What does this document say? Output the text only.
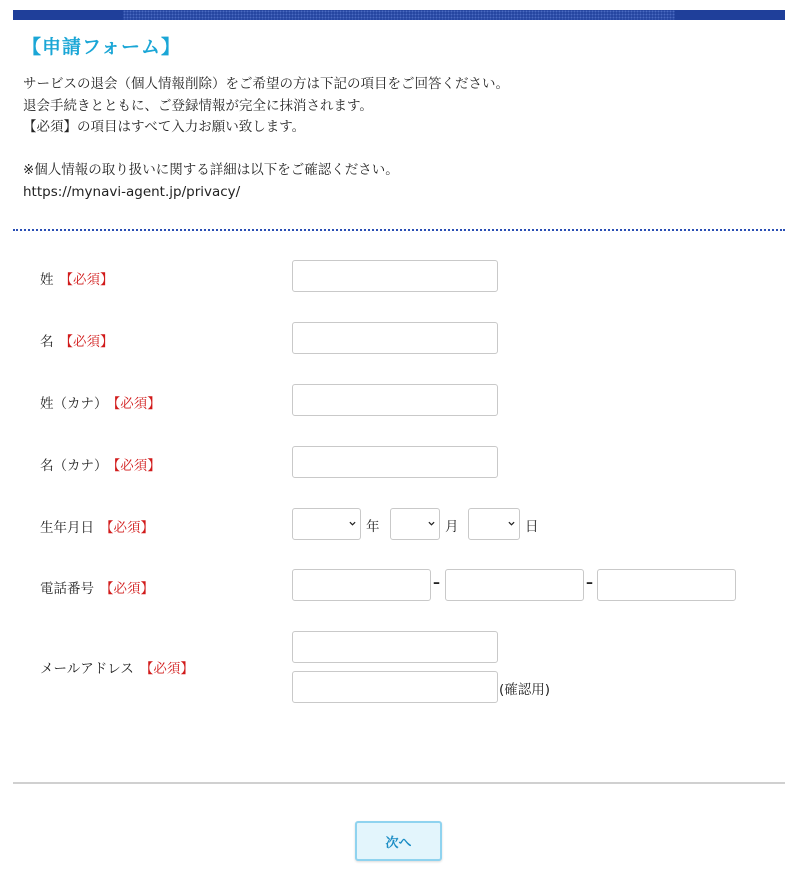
【申請フォーム】

サービスの退会（個人情報削除）をご希望の方は下記の項目をご回答ください。

退会手続きとともに、ご登録情報が完全に抹消されます。

【必須】の項目はすべて入力お願い致します。

※個人情報の取り扱いに関する詳細は以下をご確認ください。

https://mynavi-agent.jp/privacy/

姓 【必須】
名 【必須】
姓（カナ） 【必須】
名（カナ） 【必須】
生年月日 【必須】	年	月	日
電話番号 【必須】	–	–
メールアドレス 【必須】
(確認用)
次へ
